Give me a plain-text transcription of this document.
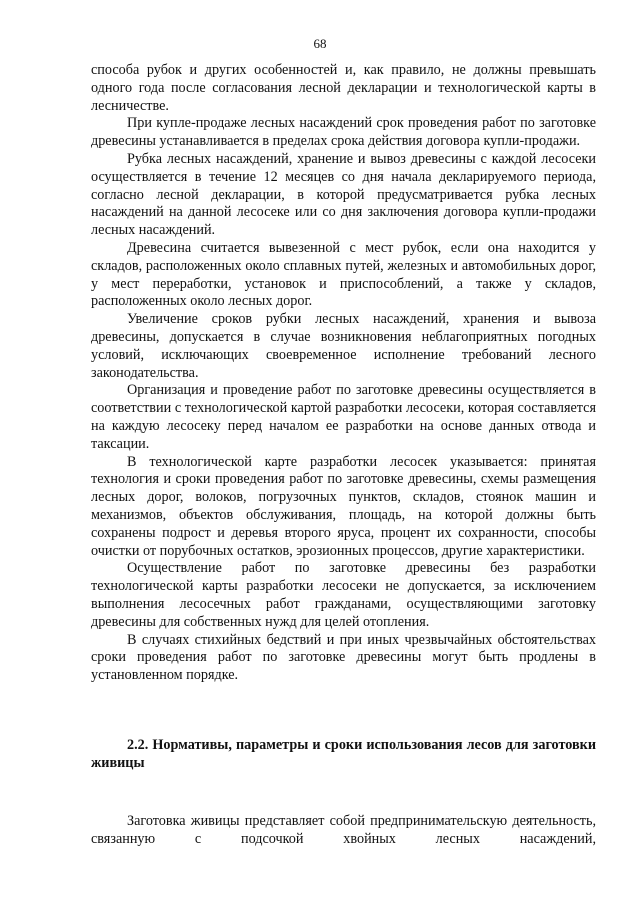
68

способа рубок и других особенностей и, как правило, не должны превышать одного года после согласования лесной декларации и технологической карты в лесничестве.

При купле-продаже лесных насаждений срок проведения работ по заготовке древесины устанавливается в пределах срока действия договора купли-продажи.

Рубка лесных насаждений, хранение и вывоз древесины с каждой лесосеки осуществляется в течение 12 месяцев со дня начала декларируемого периода, согласно лесной декларации, в которой предусматривается рубка лесных насаждений на данной лесосеке или со дня заключения договора купли-продажи лесных насаждений.

Древесина считается вывезенной с мест рубок, если она находится у складов, расположенных около сплавных путей, железных и автомобильных дорог, у мест переработки, установок и приспособлений, а также у складов, расположенных около лесных дорог.

Увеличение сроков рубки лесных насаждений, хранения и вывоза древесины, допускается в случае возникновения неблагоприятных погодных условий, исключающих своевременное исполнение требований лесного законодательства.

Организация и проведение работ по заготовке древесины осуществляется в соответствии с технологической картой разработки лесосеки, которая составляется на каждую лесосеку перед началом ее разработки на основе данных отвода и таксации.

В технологической карте разработки лесосек указывается: принятая технология и сроки проведения работ по заготовке древесины, схемы размещения лесных дорог, волоков, погрузочных пунктов, складов, стоянок машин и механизмов, объектов обслуживания, площадь, на которой должны быть сохранены подрост и деревья второго яруса, процент их сохранности, способы очистки от порубочных остатков, эрозионных процессов, другие характеристики.

Осуществление работ по заготовке древесины без разработки технологической карты разработки лесосеки не допускается, за исключением выполнения лесосечных работ гражданами, осуществляющими заготовку древесины для собственных нужд для целей отопления.

В случаях стихийных бедствий и при иных чрезвычайных обстоятельствах сроки проведения работ по заготовке древесины могут быть продлены в установленном порядке.

2.2. Нормативы, параметры и сроки использования лесов для заготовки живицы

Заготовка живицы представляет собой предпринимательскую деятельность, связанную с подсочкой хвойных лесных насаждений,
